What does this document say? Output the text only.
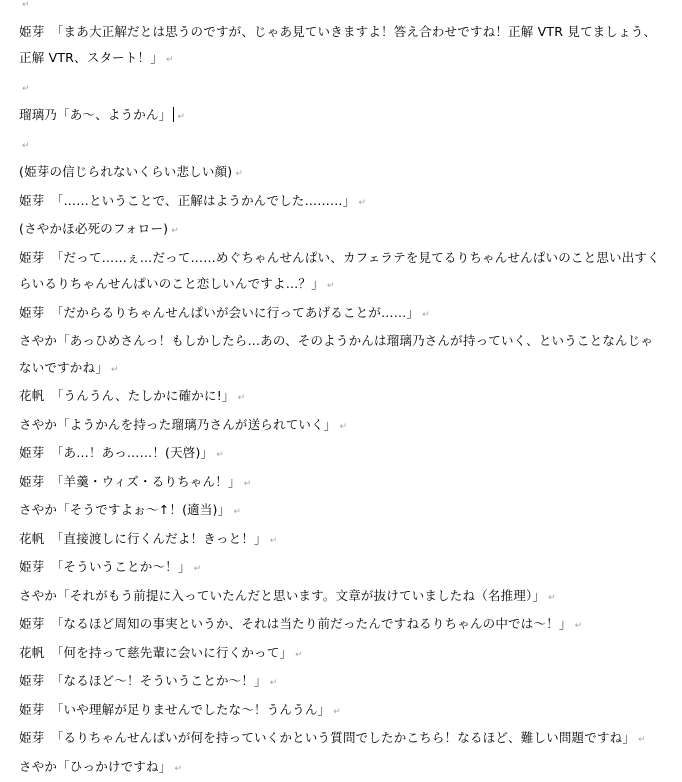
↵
姫芽　「まあ大正解だとは思うのですが、じゃあ見ていきますよ！答え合わせですね！正解 VTR 見てましょう、正解 VTR、スタート！」 ↵
↵
瑠璃乃「あ～、ようかん」 ↵
↵
(姫芽の信じられないくらい悲しい顔) ↵
姫芽　「……ということで、正解はようかんでした………」 ↵
(さやかほ必死のフォロー) ↵
姫芽　「だって……ぇ…だって……めぐちゃんせんぱい、カフェラテを見てるりちゃんせんぱいのこと思い出すくらいるりちゃんせんぱいのこと恋しいんですよ…？」 ↵
姫芽　「だからるりちゃんせんぱいが会いに行ってあげることが……」 ↵
さやか「あっひめさんっ！もしかしたら…あの、そのようかんは瑠璃乃さんが持っていく、ということなんじゃないですかね」 ↵
花帆　「うんうん、たしかに確かに!」 ↵
さやか「ようかんを持った瑠璃乃さんが送られていく」 ↵
姫芽　「あ…！あっ……！(天啓)」 ↵
姫芽　「羊羹・ウィズ・るりちゃん！」 ↵
さやか「そうですよぉ～↑！(適当)」 ↵
花帆　「直接渡しに行くんだよ！きっと！」 ↵
姫芽　「そういうことか～！」 ↵
さやか「それがもう前提に入っていたんだと思います。文章が抜けていましたね（名推理）」 ↵
姫芽　「なるほど周知の事実というか、それは当たり前だったんですねるりちゃんの中では～！」 ↵
花帆　「何を持って慈先輩に会いに行くかって」 ↵
姫芽　「なるほど～！そういうことか～！」 ↵
姫芽　「いや理解が足りませんでしたな～！うんうん」 ↵
姫芽　「るりちゃんせんぱいが何を持っていくかという質問でしたかこちら！なるほど、難しい問題ですね」 ↵
さやか「ひっかけですね」 ↵
